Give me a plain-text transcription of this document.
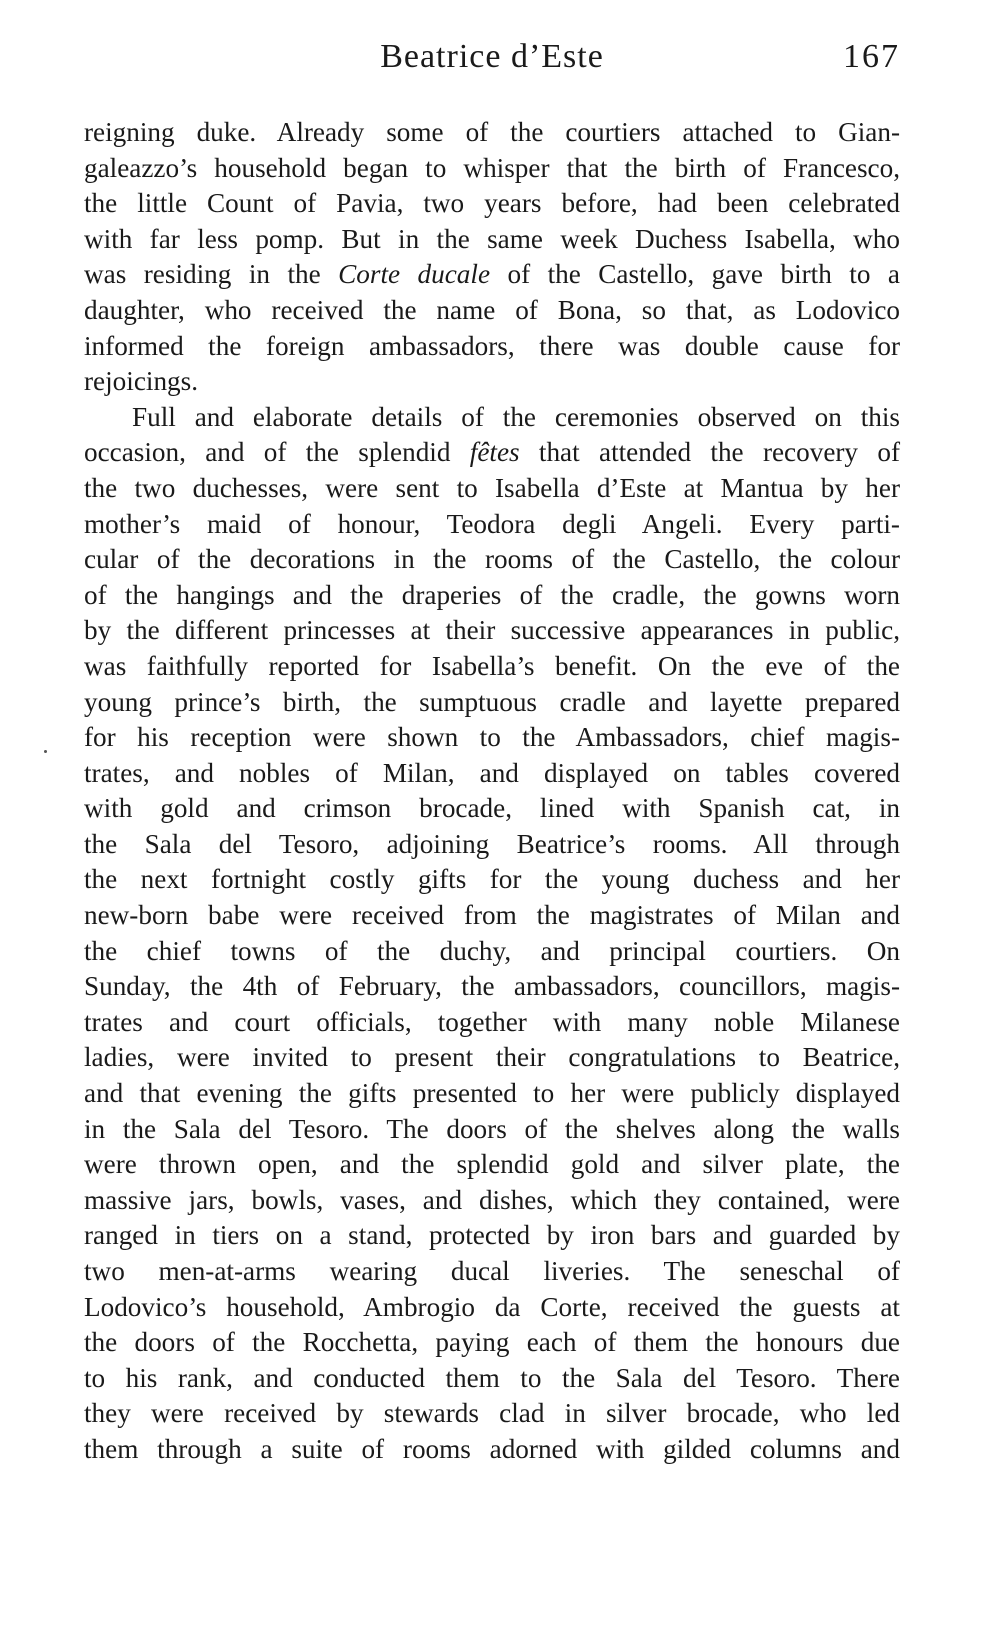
Beatrice d’Este	167
reigning duke. Already some of the courtiers attached to Gian-
galeazzo’s household began to whisper that the birth of Francesco,
the little Count of Pavia, two years before, had been celebrated
with far less pomp. But in the same week Duchess Isabella, who
was residing in the Corte ducale of the Castello, gave birth to a
daughter, who received the name of Bona, so that, as Lodovico
informed the foreign ambassadors, there was double cause for
rejoicings.
Full and elaborate details of the ceremonies observed on this
occasion, and of the splendid fêtes that attended the recovery of
the two duchesses, were sent to Isabella d’Este at Mantua by her
mother’s maid of honour, Teodora degli Angeli. Every parti-
cular of the decorations in the rooms of the Castello, the colour
of the hangings and the draperies of the cradle, the gowns worn
by the different princesses at their successive appearances in public,
was faithfully reported for Isabella’s benefit. On the eve of the
young prince’s birth, the sumptuous cradle and layette prepared
for his reception were shown to the Ambassadors, chief magis-
trates, and nobles of Milan, and displayed on tables covered
with gold and crimson brocade, lined with Spanish cat, in
the Sala del Tesoro, adjoining Beatrice’s rooms. All through
the next fortnight costly gifts for the young duchess and her
new-born babe were received from the magistrates of Milan and
the chief towns of the duchy, and principal courtiers. On
Sunday, the 4th of February, the ambassadors, councillors, magis-
trates and court officials, together with many noble Milanese
ladies, were invited to present their congratulations to Beatrice,
and that evening the gifts presented to her were publicly displayed
in the Sala del Tesoro. The doors of the shelves along the walls
were thrown open, and the splendid gold and silver plate, the
massive jars, bowls, vases, and dishes, which they contained, were
ranged in tiers on a stand, protected by iron bars and guarded by
two men-at-arms wearing ducal liveries. The seneschal of
Lodovico’s household, Ambrogio da Corte, received the guests at
the doors of the Rocchetta, paying each of them the honours due
to his rank, and conducted them to the Sala del Tesoro. There
they were received by stewards clad in silver brocade, who led
them through a suite of rooms adorned with gilded columns and
